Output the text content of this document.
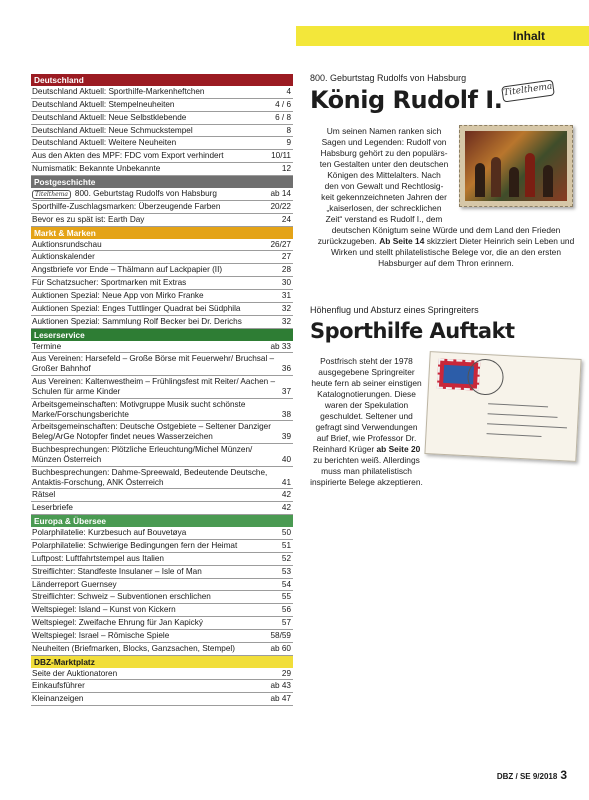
Inhalt
Deutschland
Deutschland Aktuell: Sporthilfe-Markenheftchen	4
Deutschland Aktuell: Stempelneuheiten	4 / 6
Deutschland Aktuell: Neue Selbstklebende	6 / 8
Deutschland Aktuell: Neue Schmuckstempel	8
Deutschland Aktuell: Weitere Neuheiten	9
Aus den Akten des MPF: FDC vom Export verhindert	10/11
Numismatik: Bekannte Unbekannte	12
Postgeschichte
Titelthema 800. Geburtstag Rudolfs von Habsburg	ab 14
Sporthilfe-Zuschlagsmarken: Überzeugende Farben	20/22
Bevor es zu spät ist: Earth Day	24
Markt & Marken
Auktionsrundschau	26/27
Auktionskalender	27
Angstbriefe vor Ende – Thälmann auf Lackpapier (II)	28
Für Schatzsucher: Sportmarken mit Extras	30
Auktionen Spezial: Neue App von Mirko Franke	31
Auktionen Spezial: Enges Tuttlinger Quadrat bei Südphila	32
Auktionen Spezial: Sammlung Rolf Becker bei Dr. Derichs	32
Leserservice
Termine	ab 33
Aus Vereinen: Harsefeld – Große Börse mit Feuerwehr/ Bruchsal – Großer Bahnhof	36
Aus Vereinen: Kaltenwestheim – Frühlingsfest mit Reiter/ Aachen – Schulen für arme Kinder	37
Arbeitsgemeinschaften: Motivgruppe Musik sucht schönste Marke/Forschungsberichte	38
Arbeitsgemeinschaften: Deutsche Ostgebiete – Seltener Danziger Beleg/ArGe Notopfer findet neues Wasserzeichen	39
Buchbesprechungen: Plötzliche Erleuchtung/Michel Münzen/ Münzen Österreich	40
Buchbesprechungen: Dahme-Spreewald, Bedeutende Deutsche, Antaktis-Forschung, ANK Österreich	41
Rätsel	42
Leserbriefe	42
Europa & Übersee
Polarphilatelie: Kurzbesuch auf Bouvetøya	50
Polarphilatelie: Schwierige Bedingungen fern der Heimat	51
Luftpost: Luftfahrtstempel aus Italien	52
Streiflichter: Standfeste Insulaner – Isle of Man	53
Länderreport Guernsey	54
Streiflichter: Schweiz – Subventionen erschlichen	55
Weltspiegel: Island – Kunst von Kickern	56
Weltspiegel: Zweifache Ehrung für Jan Kapický	57
Weltspiegel: Israel – Römische Spiele	58/59
Neuheiten (Briefmarken, Blocks, Ganzsachen, Stempel)	ab 60
DBZ-Marktplatz
Seite der Auktionatoren	29
Einkaufsführer	ab 43
Kleinanzeigen	ab 47
800. Geburtstag Rudolfs von Habsburg
König Rudolf I. Titelthema
Um seinen Namen ranken sich
Sagen und Legenden: Rudolf von
Habsburg gehört zu den populärs-
ten Gestalten unter den deutschen
Königen des Mittelalters. Nach
den von Gewalt und Rechtlosig-
keit gekennzeichneten Jahren der
„kaiserlosen, der schrecklichen
Zeit“ verstand es Rudolf I., dem
deutschen Königtum seine Würde und dem Land den Frieden zurückzugeben. Ab Seite 14 skizziert Dieter Heinrich sein Leben und Wirken und stellt philatelistische Belege vor, die an den ersten Habsburger auf dem Thron erinnern.
Höhenflug und Absturz eines Springreiters
Sporthilfe Auftakt
Postfrisch steht der 1978 ausgegebene Springreiter heute fern ab seiner einstigen Katalognotierungen. Diese waren der Spekulation geschuldet. Seltener und gefragt sind Verwendungen auf Brief, wie Professor Dr. Reinhard Krüger ab Seite 20 zu berichten weiß. Allerdings muss man philatelistisch inspirierte Belege akzeptieren.
DBZ / SE 9/2018 3
